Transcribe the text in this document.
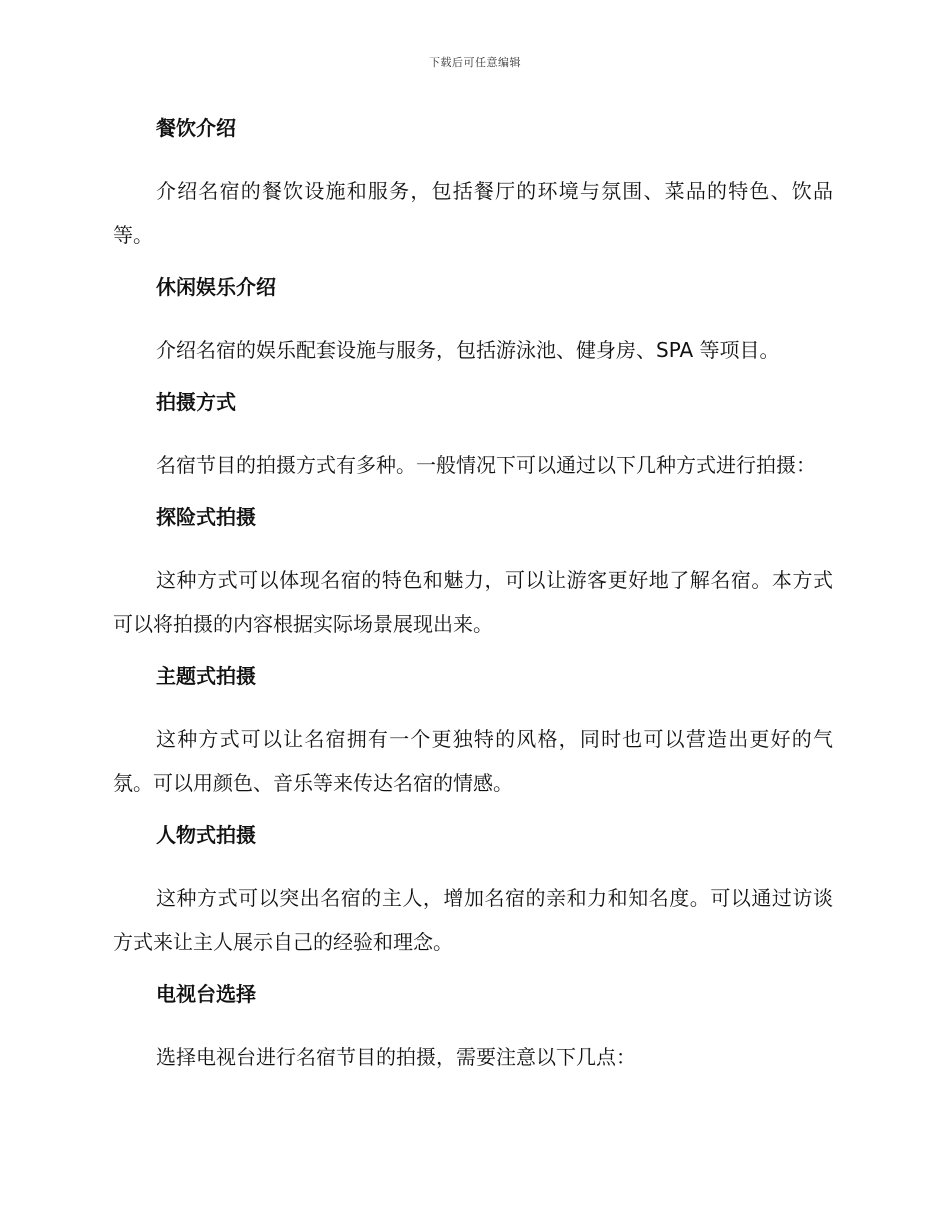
下载后可任意编辑
餐饮介绍

介绍名宿的餐饮设施和服务，包括餐厅的环境与氛围、菜品的特色、饮品等。

休闲娱乐介绍

介绍名宿的娱乐配套设施与服务，包括游泳池、健身房、SPA 等项目。

拍摄方式

名宿节目的拍摄方式有多种。一般情况下可以通过以下几种方式进行拍摄：

探险式拍摄

这种方式可以体现名宿的特色和魅力，可以让游客更好地了解名宿。本方式可以将拍摄的内容根据实际场景展现出来。

主题式拍摄

这种方式可以让名宿拥有一个更独特的风格，同时也可以营造出更好的气氛。可以用颜色、音乐等来传达名宿的情感。

人物式拍摄

这种方式可以突出名宿的主人，增加名宿的亲和力和知名度。可以通过访谈方式来让主人展示自己的经验和理念。

电视台选择

选择电视台进行名宿节目的拍摄，需要注意以下几点：
